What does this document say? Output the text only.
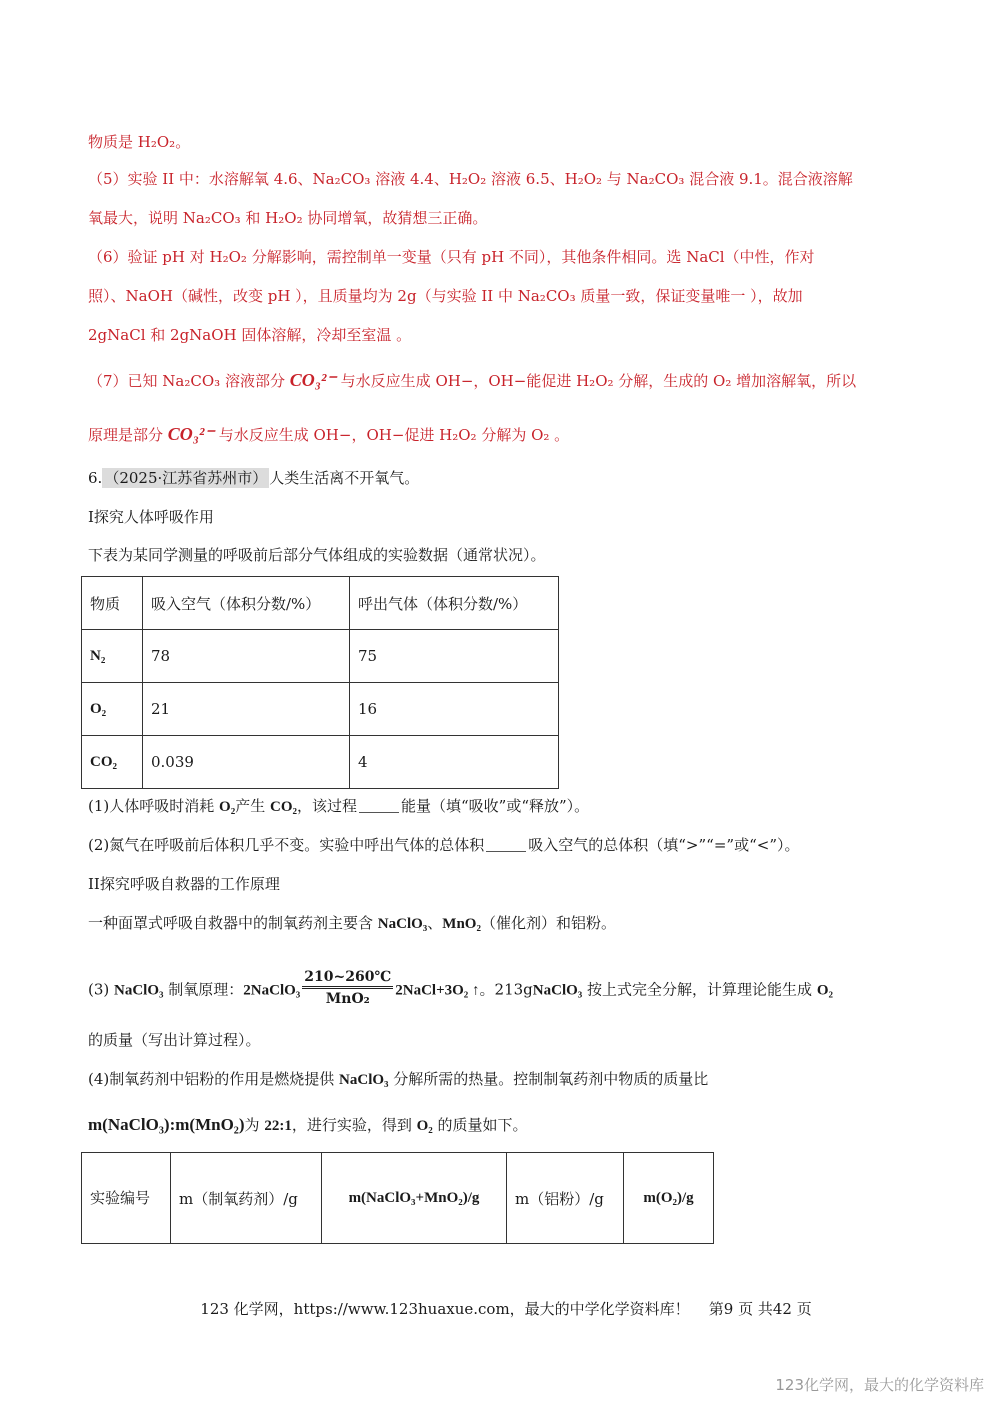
物质是 H₂O₂。
（5）实验 II 中：水溶解氧 4.6、Na₂CO₃ 溶液 4.4、H₂O₂ 溶液 6.5、H₂O₂ 与 Na₂CO₃ 混合液 9.1。混合液溶解
氧最大，说明 Na₂CO₃ 和 H₂O₂ 协同增氧，故猜想三正确。
（6）验证 pH 对 H₂O₂ 分解影响，需控制单一变量（只有 pH 不同），其他条件相同。选 NaCl（中性，作对
照）、NaOH（碱性，改变 pH ），且质量均为 2g（与实验 II 中 Na₂CO₃ 质量一致，保证变量唯一 ），故加
2gNaCl 和 2gNaOH 固体溶解，冷却至室温 。
（7）已知 Na₂CO₃ 溶液部分 CO₃²⁻ 与水反应生成 OH−，OH−能促进 H₂O₂ 分解，生成的 O₂ 增加溶解氧，所以
原理是部分 CO₃²⁻ 与水反应生成 OH−，OH−促进 H₂O₂ 分解为 O₂ 。
6. （2025·江苏省苏州市） 人类生活离不开氧气。
I探究人体呼吸作用
下表为某同学测量的呼吸前后部分气体组成的实验数据（通常状况）。
物质	吸入空气（体积分数/%）	呼出气体（体积分数/%）
N₂	78	75
O₂	21	16
CO₂	0.039	4
(1)人体呼吸时消耗 O₂产生 CO₂，该过程	能量（填“吸收”或“释放”）。
(2)氮气在呼吸前后体积几乎不变。实验中呼出气体的总体积	吸入空气的总体积（填“>”“=”或“<”）。
II探究呼吸自救器的工作原理
一种面罩式呼吸自救器中的制氧药剂主要含 NaClO₃、MnO₂（催化剂）和铝粉。
(3) NaClO₃ 制氧原理：2NaClO₃
210~260℃
MnO₂
2NaCl+3O₂ ↑。213gNaClO₃ 按上式完全分解，计算理论能生成 O₂
的质量（写出计算过程）。
(4)制氧药剂中铝粉的作用是燃烧提供 NaClO₃ 分解所需的热量。控制制氧药剂中物质的质量比
m(NaClO₃):m(MnO₂)为 22:1，进行实验，得到 O₂ 的质量如下。
实验编号	m（制氧药剂）/g	m(NaClO₃+MnO₂)/g	m（铝粉）/g	m(O₂)/g
123 化学网，https://www.123huaxue.com，最大的中学化学资料库！ 第9 页 共42 页
123化学网，最大的化学资料库
